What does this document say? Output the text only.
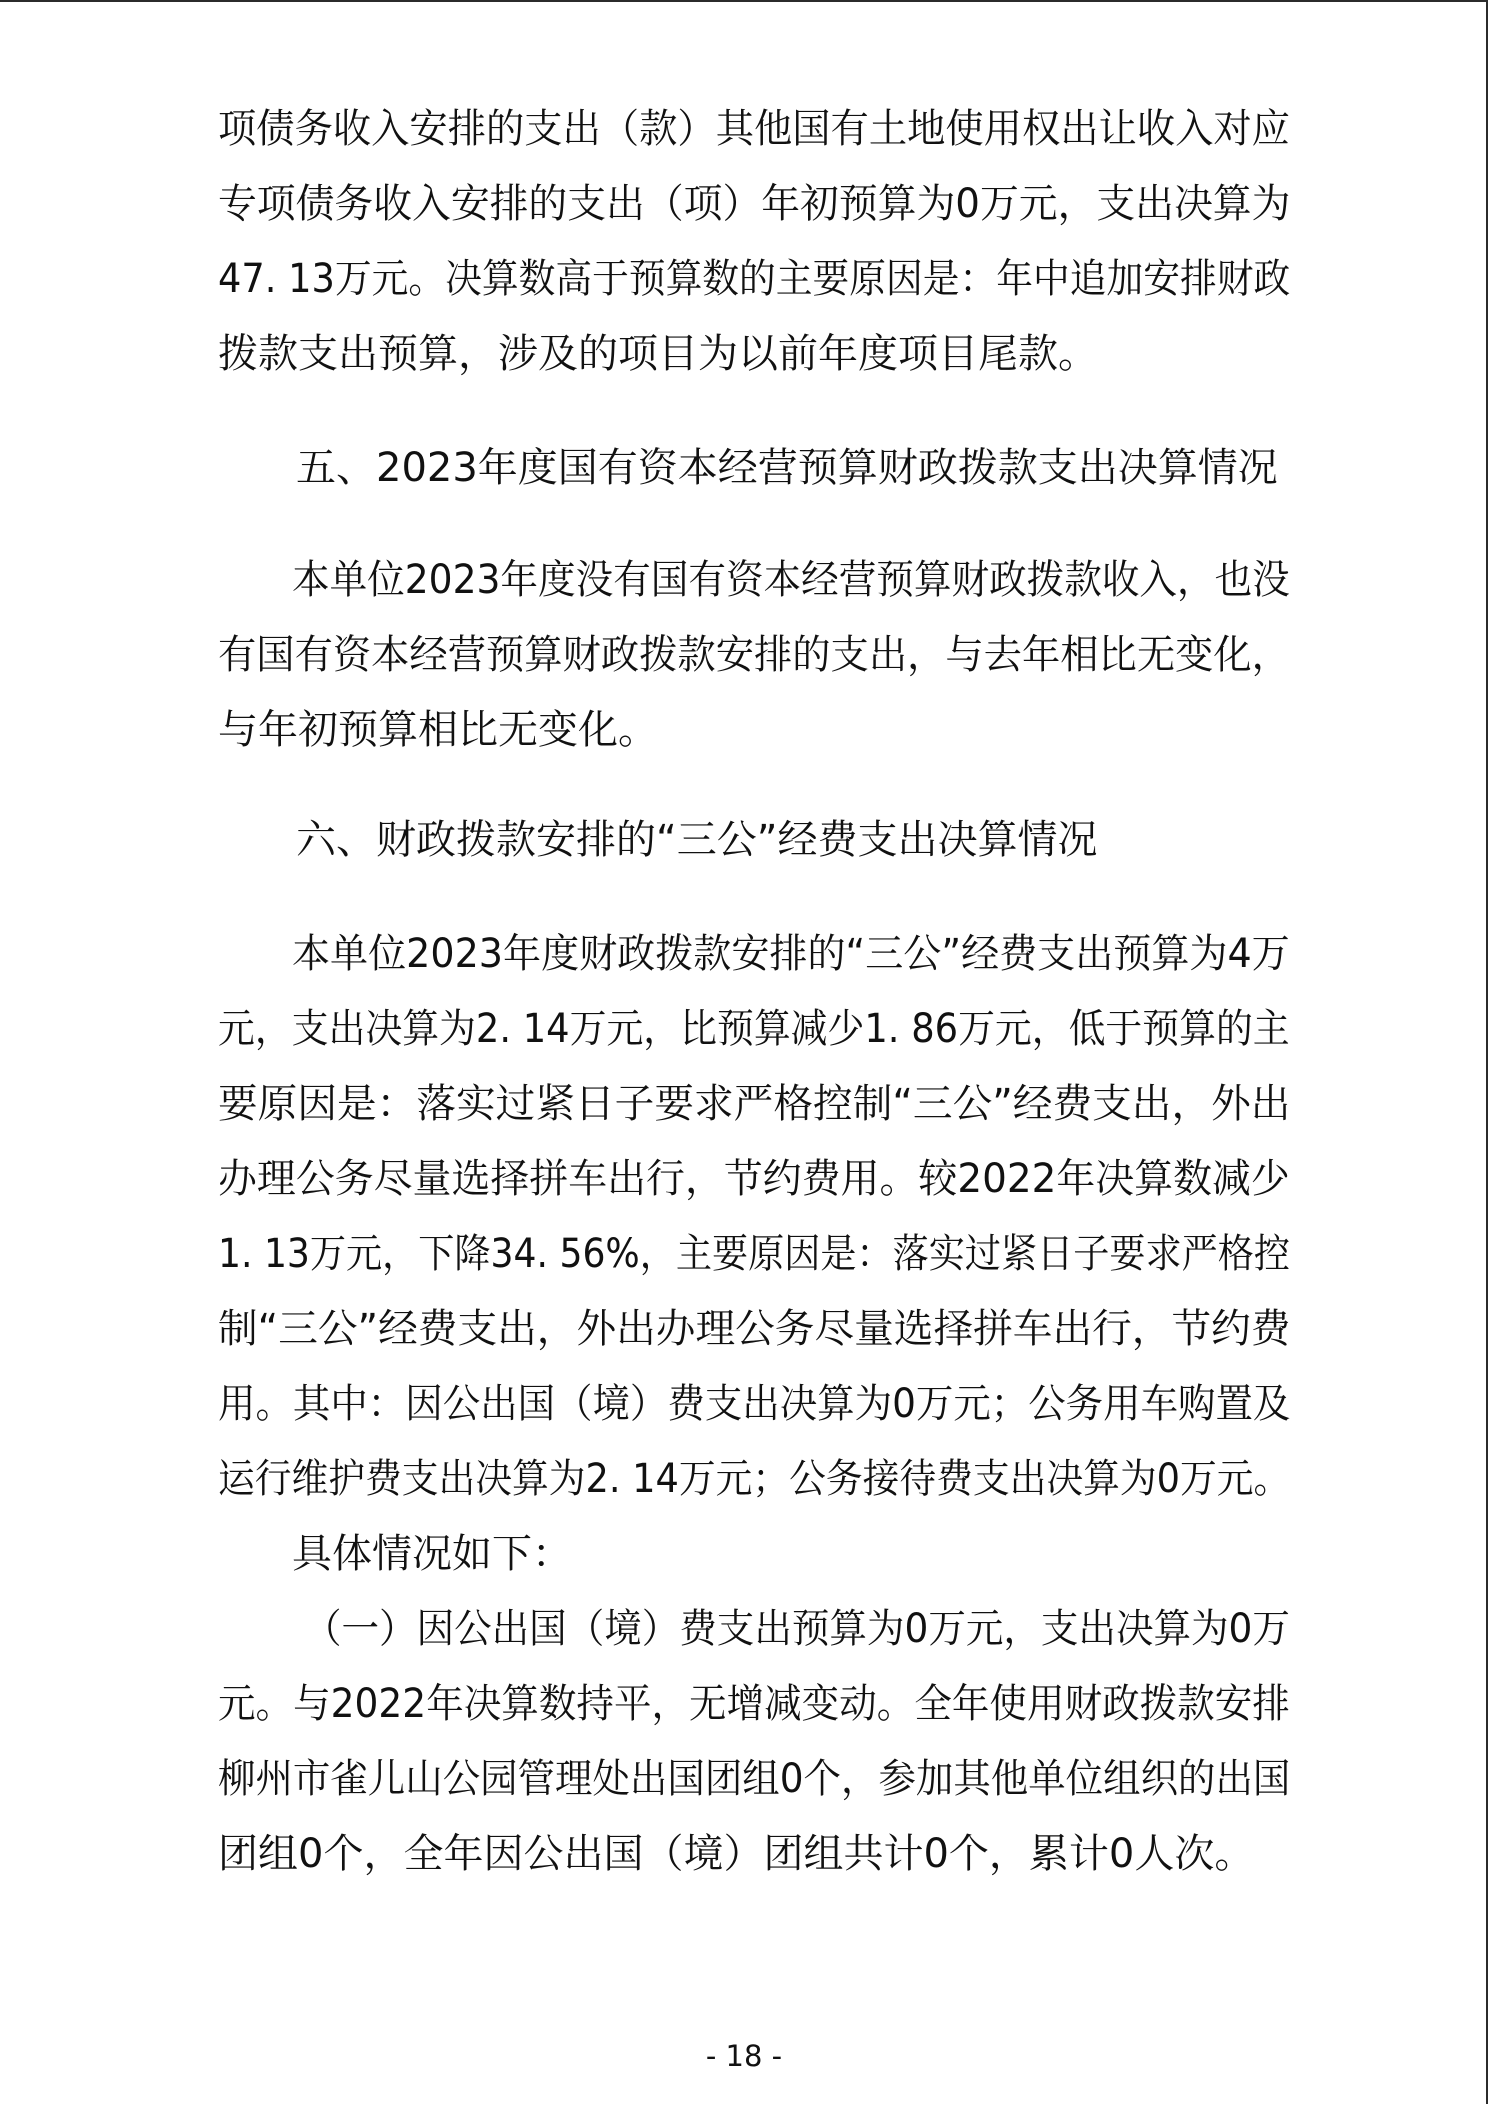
项债务收入安排的支出（款）其他国有土地使用权出让收入对应

专项债务收入安排的支出（项）年初预算为0万元，支出决算为

47. 13万元。决算数高于预算数的主要原因是：年中追加安排财政

拨款支出预算，涉及的项目为以前年度项目尾款。

五、2023年度国有资本经营预算财政拨款支出决算情况

本单位2023年度没有国有资本经营预算财政拨款收入，也没

有国有资本经营预算财政拨款安排的支出，与去年相比无变化，

与年初预算相比无变化。

六、财政拨款安排的“三公”经费支出决算情况

本单位2023年度财政拨款安排的“三公”经费支出预算为4万

元，支出决算为2. 14万元，比预算减少1. 86万元，低于预算的主

要原因是：落实过紧日子要求严格控制“三公”经费支出，外出

办理公务尽量选择拼车出行，节约费用。较2022年决算数减少

1. 13万元，下降34. 56%，主要原因是：落实过紧日子要求严格控

制“三公”经费支出，外出办理公务尽量选择拼车出行，节约费

用。其中：因公出国（境）费支出决算为0万元；公务用车购置及

运行维护费支出决算为2. 14万元；公务接待费支出决算为0万元。

具体情况如下：

（一）因公出国（境）费支出预算为0万元，支出决算为0万

元。与2022年决算数持平，无增减变动。全年使用财政拨款安排

柳州市雀儿山公园管理处出国团组0个，参加其他单位组织的出国

团组0个，全年因公出国（境）团组共计0个，累计0人次。

- 18 -
